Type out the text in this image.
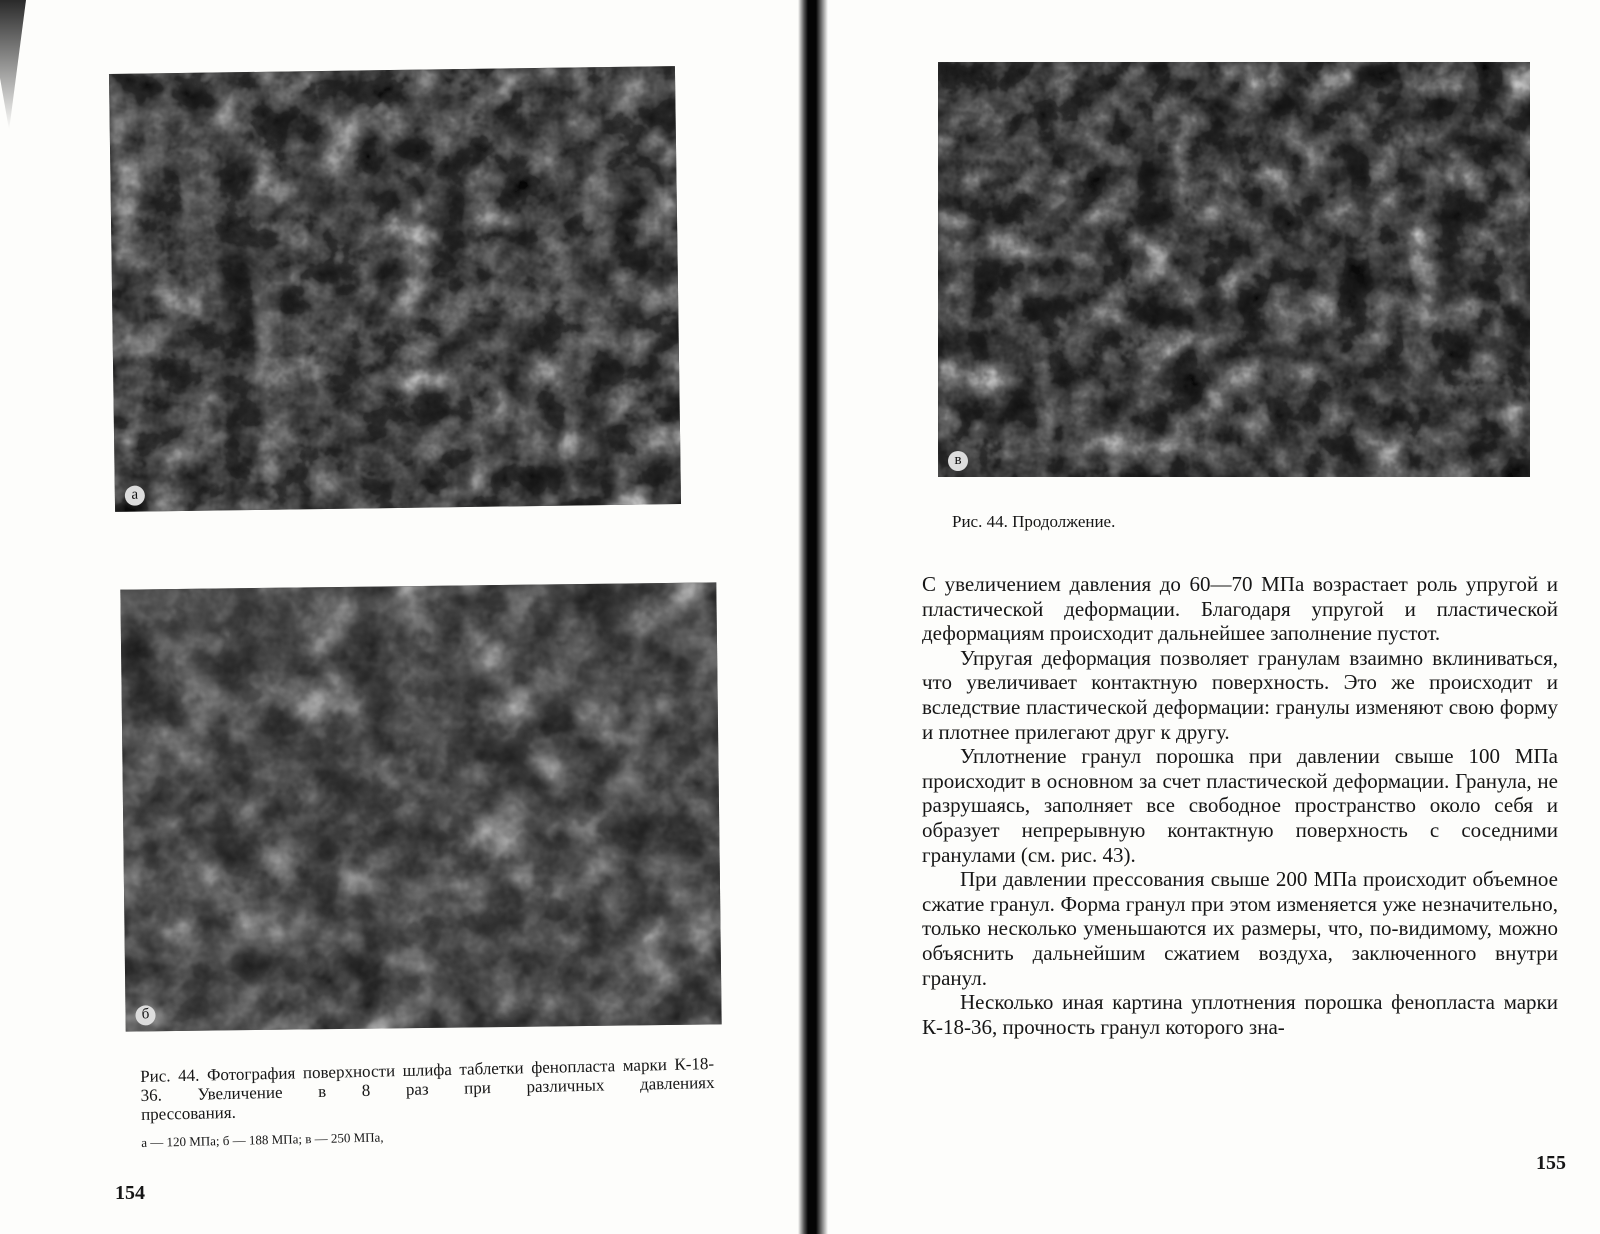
а
б
Рис. 44. Фотография поверхности шлифа таблетки фенопласта марки К-18-36. Увеличение в 8 раз при различных давлениях
прессования.
а — 120 МПа; б — 188 МПа; в — 250 МПа,
154
в
Рис. 44. Продолжение.

С увеличением давления до 60—70 МПа возрастает роль упругой и пластической деформации. Благодаря упругой и пластической деформациям происходит дальнейшее заполнение пустот.

Упругая деформация позволяет гранулам взаимно вклиниваться, что увеличивает контактную поверхность. Это же происходит и вследствие пластической деформации: гранулы изменяют свою форму и плотнее прилегают друг к другу.

Уплотнение гранул порошка при давлении свыше 100 МПа происходит в основном за счет пластической деформации. Гранула, не разрушаясь, заполняет все свободное пространство около себя и образует непрерывную контактную поверхность с соседними гранулами (см. рис. 43).

При давлении прессования свыше 200 МПа происходит объемное сжатие гранул. Форма гранул при этом изменяется уже незначительно, только несколько уменьшаются их размеры, что, по-видимому, можно объяснить дальнейшим сжатием воздуха, заключенного внутри гранул.

Несколько иная картина уплотнения порошка фенопласта марки К-18-36, прочность гранул которого зна-

155
